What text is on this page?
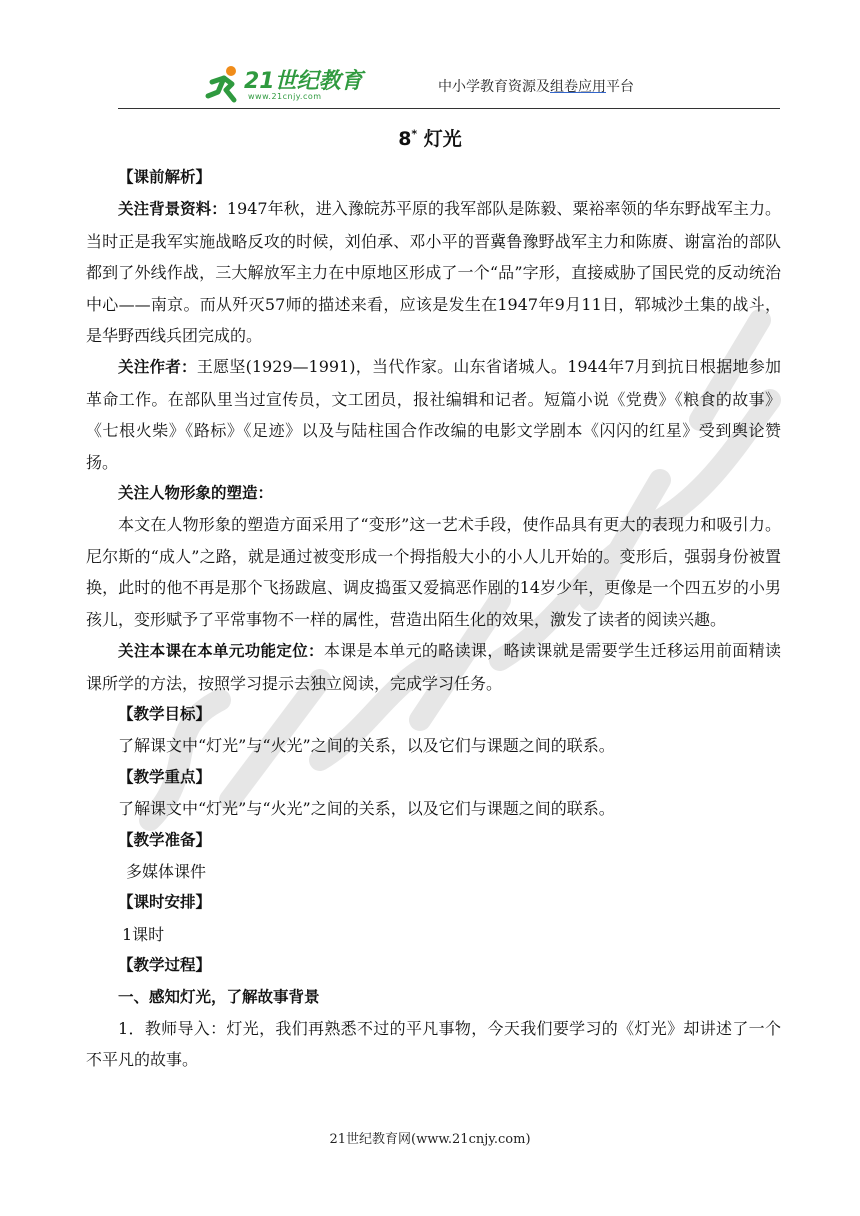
21世纪教育
www.21cnjy.com
中小学教育资源及组卷应用平台
8* 灯光

【课前解析】

关注背景资料：1947年秋，进入豫皖苏平原的我军部队是陈毅、粟裕率领的华东野战军主力。当时正是我军实施战略反攻的时候，刘伯承、邓小平的晋冀鲁豫野战军主力和陈赓、谢富治的部队都到了外线作战，三大解放军主力在中原地区形成了一个“品”字形，直接威胁了国民党的反动统治中心——南京。而从歼灭57师的描述来看，应该是发生在1947年9月11日，郓城沙土集的战斗，是华野西线兵团完成的。

关注作者：王愿坚(1929—1991)，当代作家。山东省诸城人。1944年7月到抗日根据地参加革命工作。在部队里当过宣传员，文工团员，报社编辑和记者。短篇小说《党费》《粮食的故事》《七根火柴》《路标》《足迹》以及与陆柱国合作改编的电影文学剧本《闪闪的红星》受到舆论赞扬。

关注人物形象的塑造：

本文在人物形象的塑造方面采用了“变形”这一艺术手段，使作品具有更大的表现力和吸引力。尼尔斯的“成人”之路，就是通过被变形成一个拇指般大小的小人儿开始的。变形后，强弱身份被置换，此时的他不再是那个飞扬跋扈、调皮捣蛋又爱搞恶作剧的14岁少年，更像是一个四五岁的小男孩儿，变形赋予了平常事物不一样的属性，营造出陌生化的效果，激发了读者的阅读兴趣。

关注本课在本单元功能定位：本课是本单元的略读课，略读课就是需要学生迁移运用前面精读课所学的方法，按照学习提示去独立阅读，完成学习任务。

【教学目标】

了解课文中“灯光”与“火光”之间的关系，以及它们与课题之间的联系。

【教学重点】

了解课文中“灯光”与“火光”之间的关系，以及它们与课题之间的联系。

【教学准备】

多媒体课件

【课时安排】

1课时

【教学过程】

一、感知灯光，了解故事背景

1．教师导入：灯光，我们再熟悉不过的平凡事物，今天我们要学习的《灯光》却讲述了一个不平凡的故事。

21世纪教育网(www.21cnjy.com)
